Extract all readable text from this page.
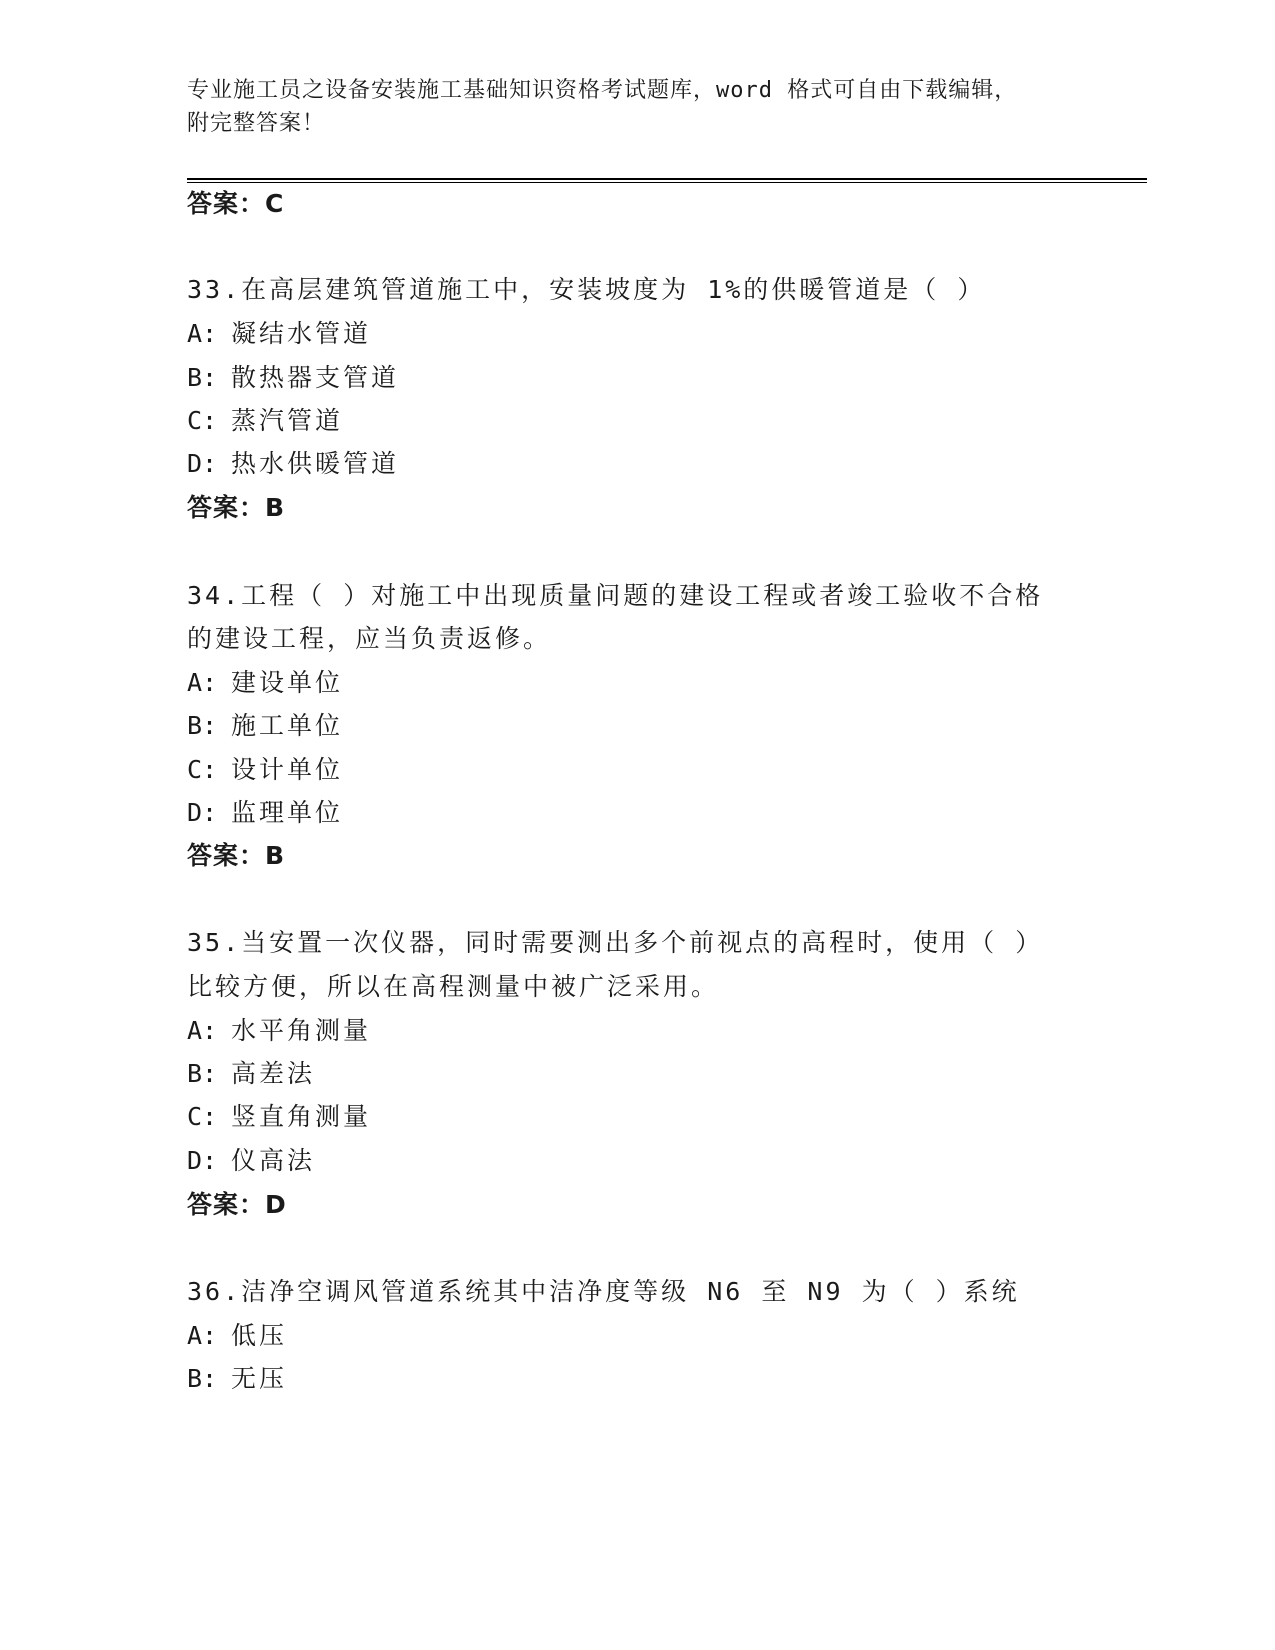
专业施工员之设备安装施工基础知识资格考试题库，word 格式可自由下载编辑，
附完整答案！
答案：C
33.在高层建筑管道施工中，安装坡度为 1%的供暖管道是（ ）
A: 凝结水管道
B: 散热器支管道
C: 蒸汽管道
D: 热水供暖管道
答案：B
34.工程（ ）对施工中出现质量问题的建设工程或者竣工验收不合格
的建设工程，应当负责返修。
A: 建设单位
B: 施工单位
C: 设计单位
D: 监理单位
答案：B
35.当安置一次仪器，同时需要测出多个前视点的高程时，使用（ ）
比较方便，所以在高程测量中被广泛采用。
A: 水平角测量
B: 高差法
C: 竖直角测量
D: 仪高法
答案：D
36.洁净空调风管道系统其中洁净度等级 N6 至 N9 为（ ）系统
A: 低压
B: 无压
